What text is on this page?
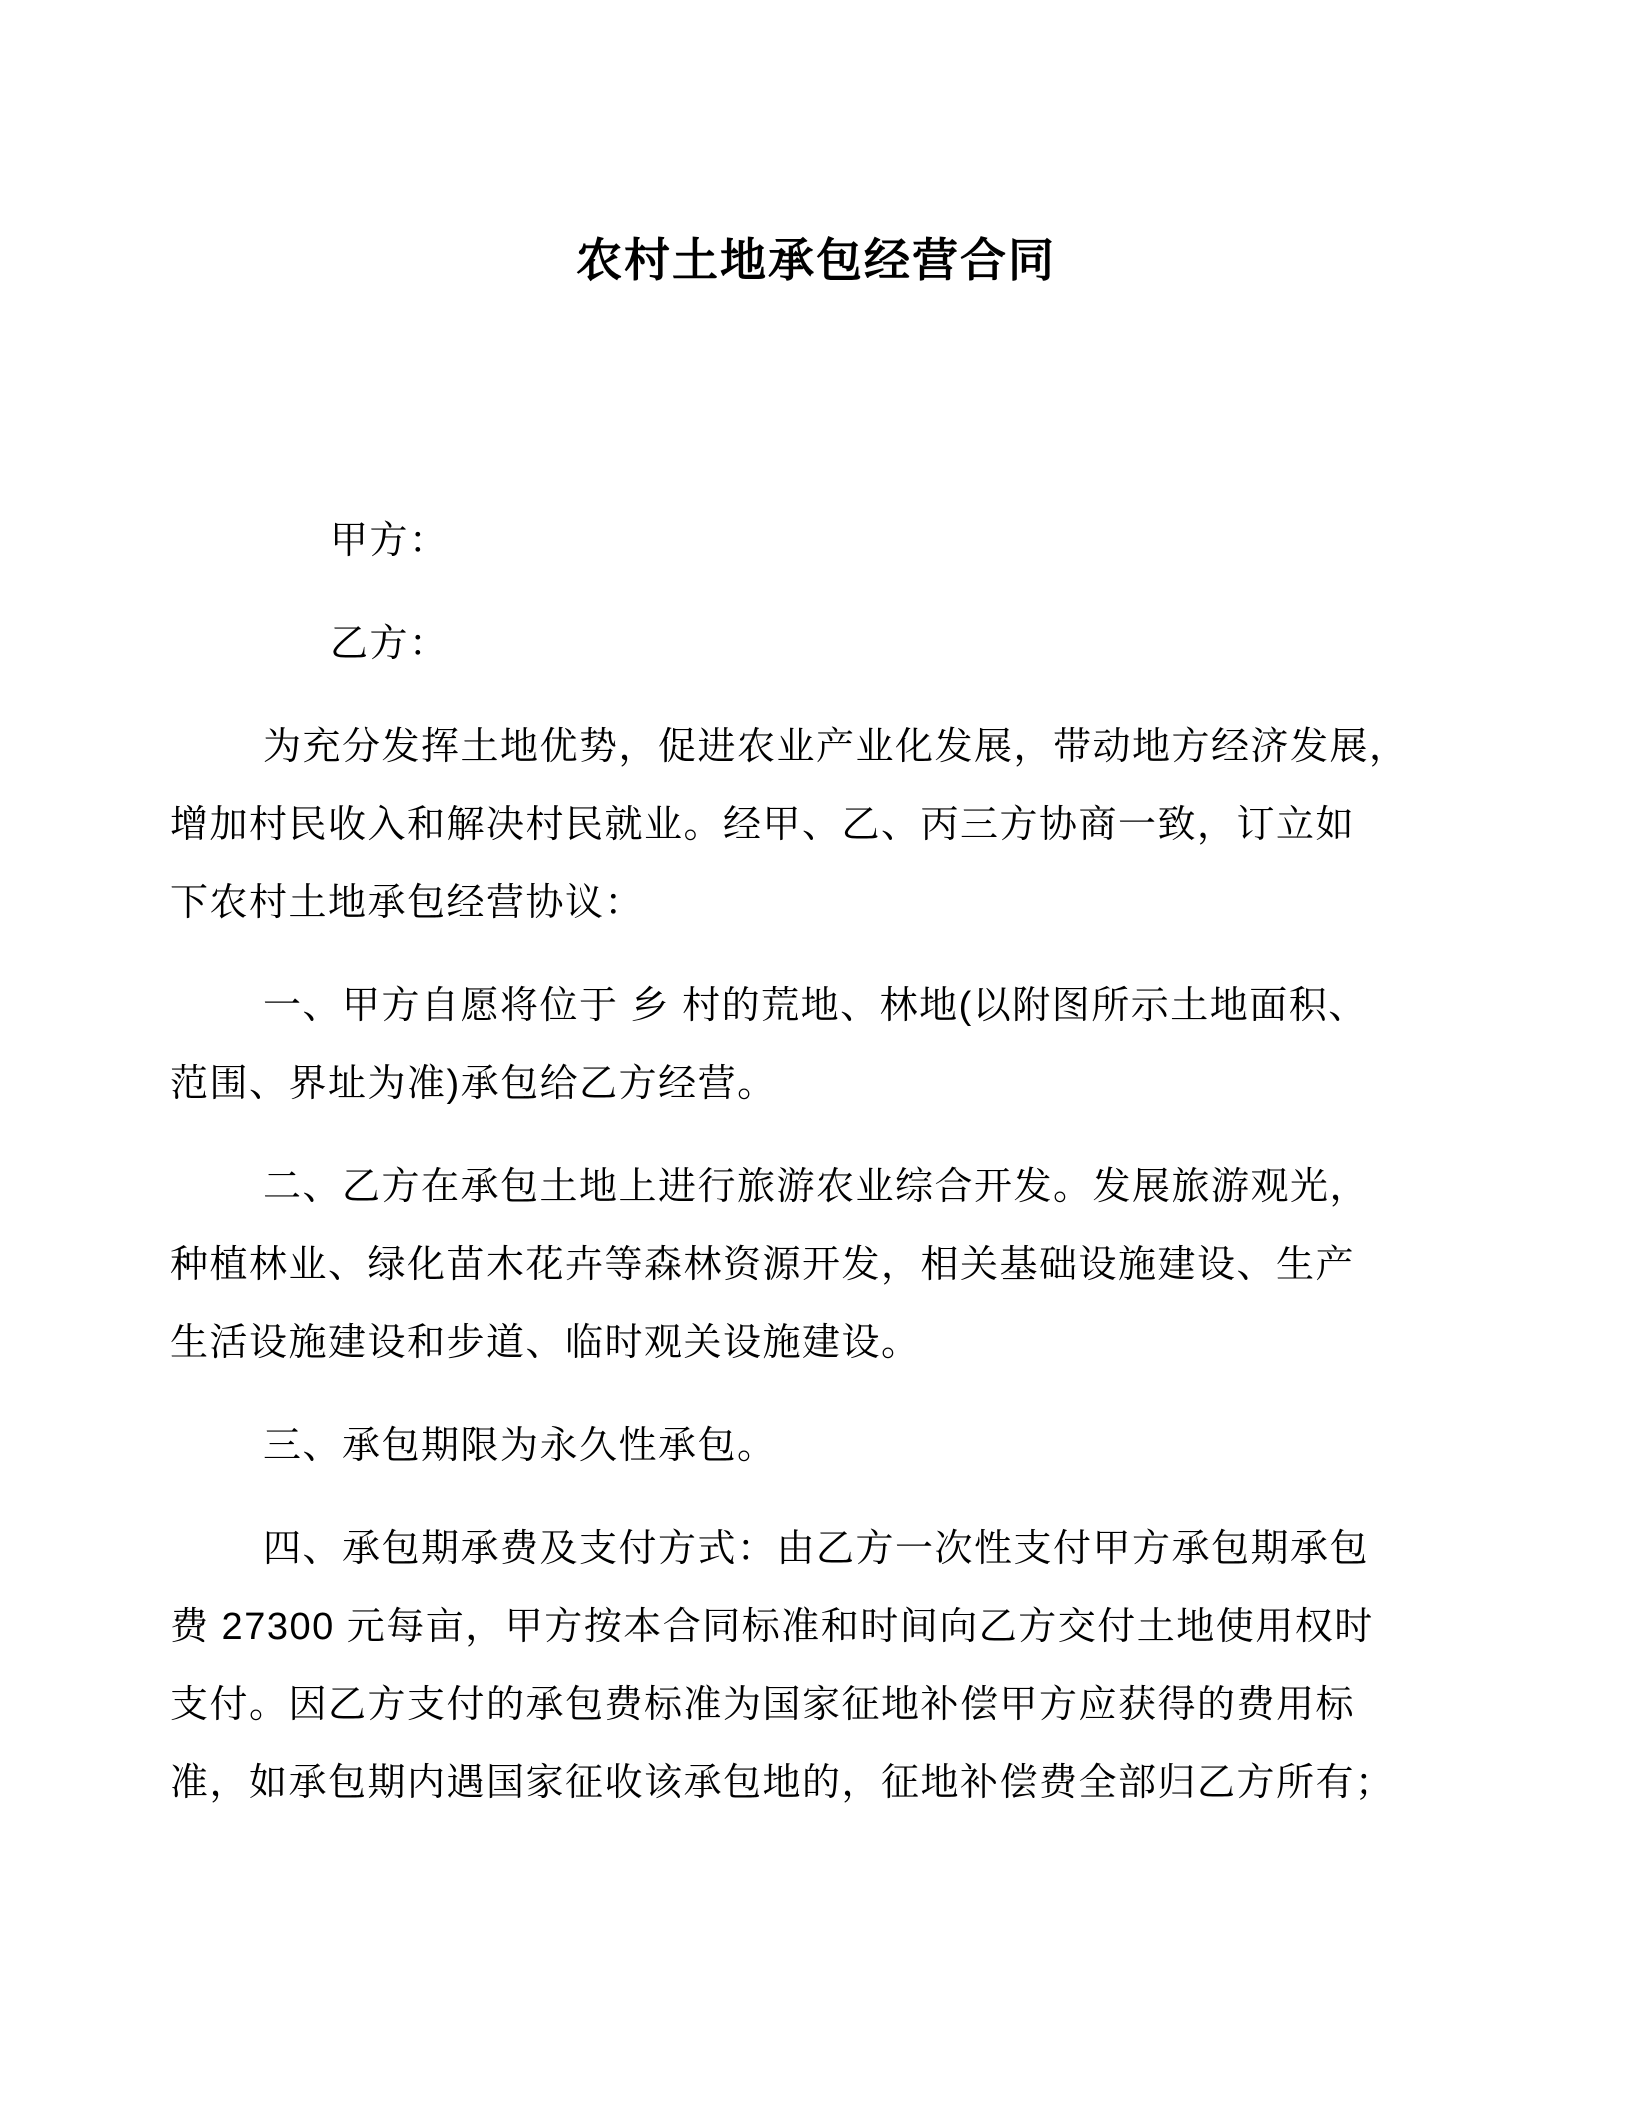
农村土地承包经营合同
甲方：
乙方：
为充分发挥土地优势，促进农业产业化发展，带动地方经济发展，
增加村民收入和解决村民就业。经甲、乙、丙三方协商一致，订立如
下农村土地承包经营协议：
一、甲方自愿将位于 乡 村的荒地、林地(以附图所示土地面积、
范围、界址为准)承包给乙方经营。
二、乙方在承包土地上进行旅游农业综合开发。发展旅游观光，
种植林业、绿化苗木花卉等森林资源开发，相关基础设施建设、生产
生活设施建设和步道、临时观关设施建设。
三、承包期限为永久性承包。
四、承包期承费及支付方式：由乙方一次性支付甲方承包期承包
费 27300 元每亩，甲方按本合同标准和时间向乙方交付土地使用权时
支付。因乙方支付的承包费标准为国家征地补偿甲方应获得的费用标
准，如承包期内遇国家征收该承包地的，征地补偿费全部归乙方所有；
